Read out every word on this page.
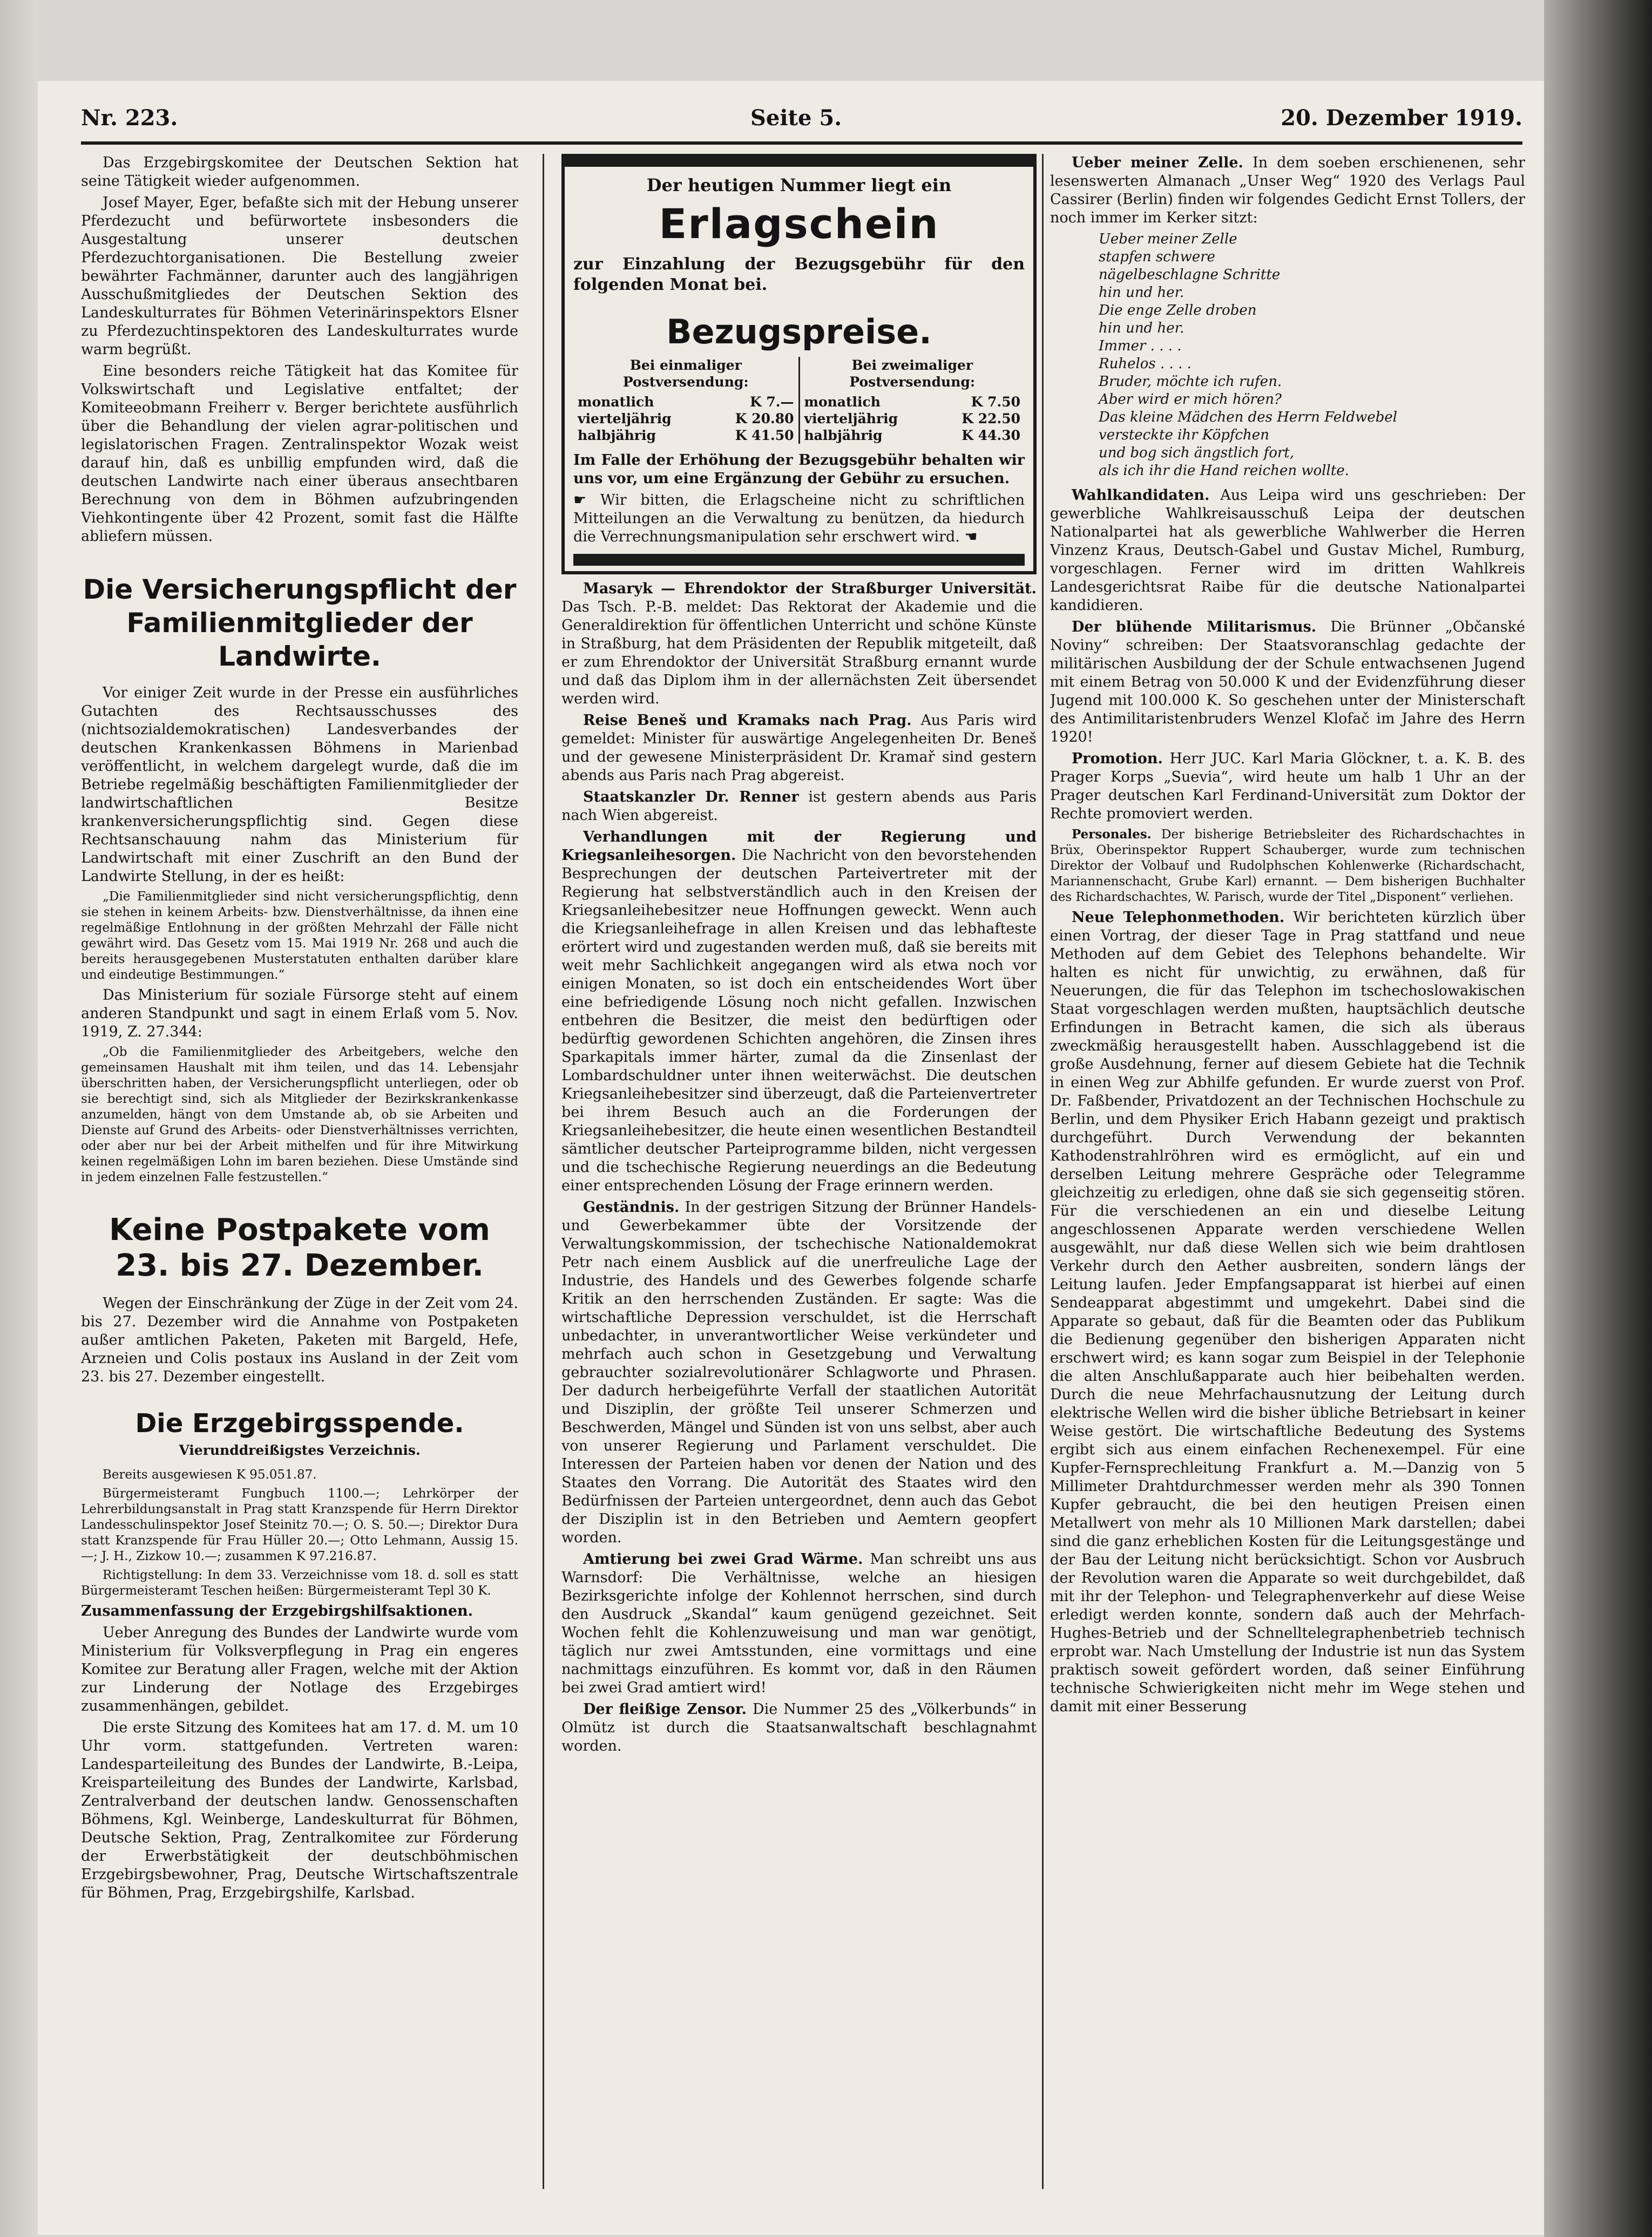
Nr. 223.	Seite 5.	20. Dezember 1919.

Das Erzgebirgskomitee der Deutschen Sektion hat seine Tätigkeit wieder aufgenommen.

Josef Mayer, Eger, befaßte sich mit der Hebung unserer Pferdezucht und befürwortete insbesonders die Ausgestaltung unserer deutschen Pferdezuchtorganisationen. Die Bestellung zweier bewährter Fachmänner, darunter auch des langjährigen Ausschußmitgliedes der Deutschen Sektion des Landeskulturrates für Böhmen Veterinärinspektors Elsner zu Pferdezuchtinspektoren des Landeskulturrates wurde warm begrüßt.

Eine besonders reiche Tätigkeit hat das Komitee für Volkswirtschaft und Legislative entfaltet; der Komiteeobmann Freiherr v. Berger berichtete ausführlich über die Behandlung der vielen agrar-politischen und legislatorischen Fragen. Zentralinspektor Wozak weist darauf hin, daß es unbillig empfunden wird, daß die deutschen Landwirte nach einer überaus ansechtbaren Berechnung von dem in Böhmen aufzubringenden Viehkontingente über 42 Prozent, somit fast die Hälfte abliefern müssen.

Die Versicherungspflicht der Familienmitglieder der Landwirte.

Vor einiger Zeit wurde in der Presse ein ausführliches Gutachten des Rechtsausschusses des (nichtsozialdemokratischen) Landesverbandes der deutschen Krankenkassen Böhmens in Marienbad veröffentlicht, in welchem dargelegt wurde, daß die im Betriebe regelmäßig beschäftigten Familienmitglieder der landwirtschaftlichen Besitze krankenversicherungspflichtig sind. Gegen diese Rechtsanschauung nahm das Ministerium für Landwirtschaft mit einer Zuschrift an den Bund der Landwirte Stellung, in der es heißt:

„Die Familienmitglieder sind nicht versicherungspflichtig, denn sie stehen in keinem Arbeits- bzw. Dienstverhältnisse, da ihnen eine regelmäßige Entlohnung in der größten Mehrzahl der Fälle nicht gewährt wird. Das Gesetz vom 15. Mai 1919 Nr. 268 und auch die bereits herausgegebenen Musterstatuten enthalten darüber klare und eindeutige Bestimmungen.“

Das Ministerium für soziale Fürsorge steht auf einem anderen Standpunkt und sagt in einem Erlaß vom 5. Nov. 1919, Z. 27.344:

„Ob die Familienmitglieder des Arbeitgebers, welche den gemeinsamen Haushalt mit ihm teilen, und das 14. Lebensjahr überschritten haben, der Versicherungspflicht unterliegen, oder ob sie berechtigt sind, sich als Mitglieder der Bezirkskrankenkasse anzumelden, hängt von dem Umstande ab, ob sie Arbeiten und Dienste auf Grund des Arbeits- oder Dienstverhältnisses verrichten, oder aber nur bei der Arbeit mithelfen und für ihre Mitwirkung keinen regelmäßigen Lohn im baren beziehen. Diese Umstände sind in jedem einzelnen Falle festzustellen.“

Keine Postpakete vom 23. bis 27. Dezember.

Wegen der Einschränkung der Züge in der Zeit vom 24. bis 27. Dezember wird die Annahme von Postpaketen außer amtlichen Paketen, Paketen mit Bargeld, Hefe, Arzneien und Colis postaux ins Ausland in der Zeit vom 23. bis 27. Dezember eingestellt.

Die Erzgebirgsspende.
Vierunddreißigstes Verzeichnis.

Bereits ausgewiesen K 95.051.87.

Bürgermeisteramt Fungbuch 1100.—; Lehrkörper der Lehrerbildungsanstalt in Prag statt Kranzspende für Herrn Direktor Landesschulinspektor Josef Steinitz 70.—; O. S. 50.—; Direktor Dura statt Kranzspende für Frau Hüller 20.—; Otto Lehmann, Aussig 15.—; J. H., Zizkow 10.—; zusammen K 97.216.87.

Richtigstellung: In dem 33. Verzeichnisse vom 18. d. soll es statt Bürgermeisteramt Teschen heißen: Bürgermeisteramt Tepl 30 K.

Zusammenfassung der Erzgebirgshilfsaktionen.

Ueber Anregung des Bundes der Landwirte wurde vom Ministerium für Volksverpflegung in Prag ein engeres Komitee zur Beratung aller Fragen, welche mit der Aktion zur Linderung der Notlage des Erzgebirges zusammenhängen, gebildet.

Die erste Sitzung des Komitees hat am 17. d. M. um 10 Uhr vorm. stattgefunden. Vertreten waren: Landesparteileitung des Bundes der Landwirte, B.-Leipa, Kreisparteileitung des Bundes der Landwirte, Karlsbad, Zentralverband der deutschen landw. Genossenschaften Böhmens, Kgl. Weinberge, Landeskulturrat für Böhmen, Deutsche Sektion, Prag, Zentralkomitee zur Förderung der Erwerbstätigkeit der deutschböhmischen Erzgebirgsbewohner, Prag, Deutsche Wirtschaftszentrale für Böhmen, Prag, Erzgebirgshilfe, Karlsbad.

Der heutigen Nummer liegt ein
Erlagschein
zur Einzahlung der Bezugsgebühr für den folgenden Monat bei.
Bezugspreise.
Bei einmaliger Postversendung:
monatlich	K 7.—
vierteljährig	K 20.80
halbjährig	K 41.50
Bei zweimaliger Postversendung:
monatlich	K 7.50
vierteljährig	K 22.50
halbjährig	K 44.30

Im Falle der Erhöhung der Bezugsgebühr behalten wir uns vor, um eine Ergänzung der Gebühr zu ersuchen.

☛ Wir bitten, die Erlagscheine nicht zu schriftlichen Mitteilungen an die Verwaltung zu benützen, da hiedurch die Verrechnungsmanipulation sehr erschwert wird. ☚

Masaryk — Ehrendoktor der Straßburger Universität. Das Tsch. P.-B. meldet: Das Rektorat der Akademie und die Generaldirektion für öffentlichen Unterricht und schöne Künste in Straßburg, hat dem Präsidenten der Republik mitgeteilt, daß er zum Ehrendoktor der Universität Straßburg ernannt wurde und daß das Diplom ihm in der allernächsten Zeit übersendet werden wird.

Reise Beneš und Kramaks nach Prag. Aus Paris wird gemeldet: Minister für auswärtige Angelegenheiten Dr. Beneš und der gewesene Ministerpräsident Dr. Kramař sind gestern abends aus Paris nach Prag abgereist.

Staatskanzler Dr. Renner ist gestern abends aus Paris nach Wien abgereist.

Verhandlungen mit der Regierung und Kriegsanleihesorgen. Die Nachricht von den bevorstehenden Besprechungen der deutschen Parteivertreter mit der Regierung hat selbstverständlich auch in den Kreisen der Kriegsanleihebesitzer neue Hoffnungen geweckt. Wenn auch die Kriegsanleihefrage in allen Kreisen und das lebhafteste erörtert wird und zugestanden werden muß, daß sie bereits mit weit mehr Sachlichkeit angegangen wird als etwa noch vor einigen Monaten, so ist doch ein entscheidendes Wort über eine befriedigende Lösung noch nicht gefallen. Inzwischen entbehren die Besitzer, die meist den bedürftigen oder bedürftig gewordenen Schichten angehören, die Zinsen ihres Sparkapitals immer härter, zumal da die Zinsenlast der Lombardschuldner unter ihnen weiterwächst. Die deutschen Kriegsanleihebesitzer sind überzeugt, daß die Parteienvertreter bei ihrem Besuch auch an die Forderungen der Kriegsanleihebesitzer, die heute einen wesentlichen Bestandteil sämtlicher deutscher Parteiprogramme bilden, nicht vergessen und die tschechische Regierung neuerdings an die Bedeutung einer entsprechenden Lösung der Frage erinnern werden.

Geständnis. In der gestrigen Sitzung der Brünner Handels- und Gewerbekammer übte der Vorsitzende der Verwaltungskommission, der tschechische Nationaldemokrat Petr nach einem Ausblick auf die unerfreuliche Lage der Industrie, des Handels und des Gewerbes folgende scharfe Kritik an den herrschenden Zuständen. Er sagte: Was die wirtschaftliche Depression verschuldet, ist die Herrschaft unbedachter, in unverantwortlicher Weise verkündeter und mehrfach auch schon in Gesetzgebung und Verwaltung gebrauchter sozialrevolutionärer Schlagworte und Phrasen. Der dadurch herbeigeführte Verfall der staatlichen Autorität und Disziplin, der größte Teil unserer Schmerzen und Beschwerden, Mängel und Sünden ist von uns selbst, aber auch von unserer Regierung und Parlament verschuldet. Die Interessen der Parteien haben vor denen der Nation und des Staates den Vorrang. Die Autorität des Staates wird den Bedürfnissen der Parteien untergeordnet, denn auch das Gebot der Disziplin ist in den Betrieben und Aemtern geopfert worden.

Amtierung bei zwei Grad Wärme. Man schreibt uns aus Warnsdorf: Die Verhältnisse, welche an hiesigen Bezirksgerichte infolge der Kohlennot herrschen, sind durch den Ausdruck „Skandal“ kaum genügend gezeichnet. Seit Wochen fehlt die Kohlenzuweisung und man war genötigt, täglich nur zwei Amtsstunden, eine vormittags und eine nachmittags einzuführen. Es kommt vor, daß in den Räumen bei zwei Grad amtiert wird!

Der fleißige Zensor. Die Nummer 25 des „Völkerbunds“ in Olmütz ist durch die Staatsanwaltschaft beschlagnahmt worden.

Ueber meiner Zelle. In dem soeben erschienenen, sehr lesenswerten Almanach „Unser Weg“ 1920 des Verlags Paul Cassirer (Berlin) finden wir folgendes Gedicht Ernst Tollers, der noch immer im Kerker sitzt:

Ueber meiner Zelle
stapfen schwere
nägelbeschlagne Schritte
hin und her.
Die enge Zelle droben
hin und her.
Immer . . . .
Ruhelos . . . .
Bruder, möchte ich rufen.
Aber wird er mich hören?
Das kleine Mädchen des Herrn Feldwebel
versteckte ihr Köpfchen
und bog sich ängstlich fort,
als ich ihr die Hand reichen wollte.

Wahlkandidaten. Aus Leipa wird uns geschrieben: Der gewerbliche Wahlkreisausschuß Leipa der deutschen Nationalpartei hat als gewerbliche Wahlwerber die Herren Vinzenz Kraus, Deutsch-Gabel und Gustav Michel, Rumburg, vorgeschlagen. Ferner wird im dritten Wahlkreis Landesgerichtsrat Raibe für die deutsche Nationalpartei kandidieren.

Der blühende Militarismus. Die Brünner „Občanské Noviny“ schreiben: Der Staatsvoranschlag gedachte der militärischen Ausbildung der der Schule entwachsenen Jugend mit einem Betrag von 50.000 K und der Evidenzführung dieser Jugend mit 100.000 K. So geschehen unter der Ministerschaft des Antimilitaristenbruders Wenzel Klofač im Jahre des Herrn 1920!

Promotion. Herr JUC. Karl Maria Glöckner, t. a. K. B. des Prager Korps „Suevia“, wird heute um halb 1 Uhr an der Prager deutschen Karl Ferdinand-Universität zum Doktor der Rechte promoviert werden.

Personales. Der bisherige Betriebsleiter des Richardschachtes in Brüx, Oberinspektor Ruppert Schauberger, wurde zum technischen Direktor der Volbauf und Rudolphschen Kohlenwerke (Richardschacht, Mariannenschacht, Grube Karl) ernannt. — Dem bisherigen Buchhalter des Richardschachtes, W. Parisch, wurde der Titel „Disponent“ verliehen.

Neue Telephonmethoden. Wir berichteten kürzlich über einen Vortrag, der dieser Tage in Prag stattfand und neue Methoden auf dem Gebiet des Telephons behandelte. Wir halten es nicht für unwichtig, zu erwähnen, daß für Neuerungen, die für das Telephon im tschechoslowakischen Staat vorgeschlagen werden mußten, hauptsächlich deutsche Erfindungen in Betracht kamen, die sich als überaus zweckmäßig herausgestellt haben. Ausschlaggebend ist die große Ausdehnung, ferner auf diesem Gebiete hat die Technik in einen Weg zur Abhilfe gefunden. Er wurde zuerst von Prof. Dr. Faßbender, Privatdozent an der Technischen Hochschule zu Berlin, und dem Physiker Erich Habann gezeigt und praktisch durchgeführt. Durch Verwendung der bekannten Kathodenstrahlröhren wird es ermöglicht, auf ein und derselben Leitung mehrere Gespräche oder Telegramme gleichzeitig zu erledigen, ohne daß sie sich gegenseitig stören. Für die verschiedenen an ein und dieselbe Leitung angeschlossenen Apparate werden verschiedene Wellen ausgewählt, nur daß diese Wellen sich wie beim drahtlosen Verkehr durch den Aether ausbreiten, sondern längs der Leitung laufen. Jeder Empfangsapparat ist hierbei auf einen Sendeapparat abgestimmt und umgekehrt. Dabei sind die Apparate so gebaut, daß für die Beamten oder das Publikum die Bedienung gegenüber den bisherigen Apparaten nicht erschwert wird; es kann sogar zum Beispiel in der Telephonie die alten Anschlußapparate auch hier beibehalten werden. Durch die neue Mehrfachausnutzung der Leitung durch elektrische Wellen wird die bisher übliche Betriebsart in keiner Weise gestört. Die wirtschaftliche Bedeutung des Systems ergibt sich aus einem einfachen Rechenexempel. Für eine Kupfer-Fernsprechleitung Frankfurt a. M.—Danzig von 5 Millimeter Drahtdurchmesser werden mehr als 390 Tonnen Kupfer gebraucht, die bei den heutigen Preisen einen Metallwert von mehr als 10 Millionen Mark darstellen; dabei sind die ganz erheblichen Kosten für die Leitungsgestänge und der Bau der Leitung nicht berücksichtigt. Schon vor Ausbruch der Revolution waren die Apparate so weit durchgebildet, daß mit ihr der Telephon- und Telegraphenverkehr auf diese Weise erledigt werden konnte, sondern daß auch der Mehrfach-Hughes-Betrieb und der Schnelltelegraphenbetrieb technisch erprobt war. Nach Umstellung der Industrie ist nun das System praktisch soweit gefördert worden, daß seiner Einführung technische Schwierigkeiten nicht mehr im Wege stehen und damit mit einer Besserung
